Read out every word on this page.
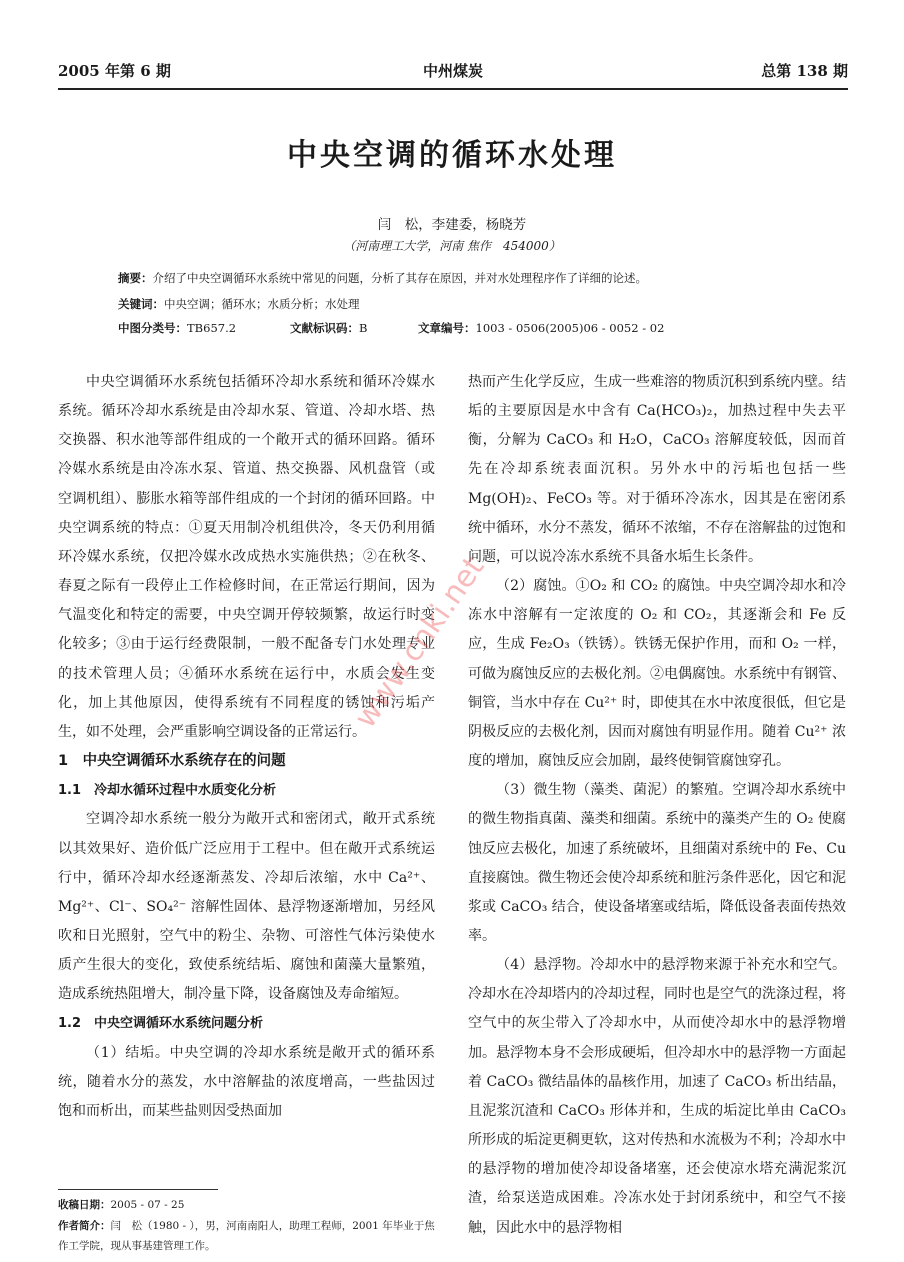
2005 年第 6 期	中州煤炭	总第 138 期
中央空调的循环水处理
闫　松，李建委，杨晓芳
（河南理工大学，河南 焦作　454000）
摘要：介绍了中央空调循环水系统中常见的问题，分析了其存在原因，并对水处理程序作了详细的论述。
关键词：中央空调；循环水；水质分析；水处理
中图分类号：TB657.2	文献标识码：B	文章编号：1003 - 0506(2005)06 - 0052 - 02

中央空调循环水系统包括循环冷却水系统和循环冷媒水系统。循环冷却水系统是由冷却水泵、管道、冷却水塔、热交换器、积水池等部件组成的一个敞开式的循环回路。循环冷媒水系统是由冷冻水泵、管道、热交换器、风机盘管（或空调机组）、膨胀水箱等部件组成的一个封闭的循环回路。中央空调系统的特点：①夏天用制冷机组供冷，冬天仍利用循环冷媒水系统，仅把冷媒水改成热水实施供热；②在秋冬、春夏之际有一段停止工作检修时间，在正常运行期间，因为气温变化和特定的需要，中央空调开停较频繁，故运行时变化较多；③由于运行经费限制，一般不配备专门水处理专业的技术管理人员；④循环水系统在运行中，水质会发生变化，加上其他原因，使得系统有不同程度的锈蚀和污垢产生，如不处理，会严重影响空调设备的正常运行。

1　中央空调循环水系统存在的问题

1.1　冷却水循环过程中水质变化分析

空调冷却水系统一般分为敞开式和密闭式，敞开式系统以其效果好、造价低广泛应用于工程中。但在敞开式系统运行中，循环冷却水经逐渐蒸发、冷却后浓缩，水中 Ca²⁺、Mg²⁺、Cl⁻、SO₄²⁻ 溶解性固体、悬浮物逐渐增加，另经风吹和日光照射，空气中的粉尘、杂物、可溶性气体污染使水质产生很大的变化，致使系统结垢、腐蚀和菌藻大量繁殖，造成系统热阻增大，制冷量下降，设备腐蚀及寿命缩短。

1.2　中央空调循环水系统问题分析

（1）结垢。中央空调的冷却水系统是敞开式的循环系统，随着水分的蒸发，水中溶解盐的浓度增高，一些盐因过饱和而析出，而某些盐则因受热面加

热而产生化学反应，生成一些难溶的物质沉积到系统内壁。结垢的主要原因是水中含有 Ca(HCO₃)₂，加热过程中失去平衡，分解为 CaCO₃ 和 H₂O，CaCO₃ 溶解度较低，因而首先在冷却系统表面沉积。另外水中的污垢也包括一些 Mg(OH)₂、FeCO₃ 等。对于循环冷冻水，因其是在密闭系统中循环，水分不蒸发，循环不浓缩，不存在溶解盐的过饱和问题，可以说冷冻水系统不具备水垢生长条件。

（2）腐蚀。①O₂ 和 CO₂ 的腐蚀。中央空调冷却水和冷冻水中溶解有一定浓度的 O₂ 和 CO₂，其逐渐会和 Fe 反应，生成 Fe₂O₃（铁锈）。铁锈无保护作用，而和 O₂ 一样，可做为腐蚀反应的去极化剂。②电偶腐蚀。水系统中有钢管、铜管，当水中存在 Cu²⁺ 时，即使其在水中浓度很低，但它是阴极反应的去极化剂，因而对腐蚀有明显作用。随着 Cu²⁺ 浓度的增加，腐蚀反应会加剧，最终使铜管腐蚀穿孔。

（3）微生物（藻类、菌泥）的繁殖。空调冷却水系统中的微生物指真菌、藻类和细菌。系统中的藻类产生的 O₂ 使腐蚀反应去极化，加速了系统破坏，且细菌对系统中的 Fe、Cu 直接腐蚀。微生物还会使冷却系统和脏污条件恶化，因它和泥浆或 CaCO₃ 结合，使设备堵塞或结垢，降低设备表面传热效率。

（4）悬浮物。冷却水中的悬浮物来源于补充水和空气。冷却水在冷却塔内的冷却过程，同时也是空气的洗涤过程，将空气中的灰尘带入了冷却水中，从而使冷却水中的悬浮物增加。悬浮物本身不会形成硬垢，但冷却水中的悬浮物一方面起着 CaCO₃ 微结晶体的晶核作用，加速了 CaCO₃ 析出结晶，且泥浆沉渣和 CaCO₃ 形体并和，生成的垢淀比单由 CaCO₃ 所形成的垢淀更稠更软，这对传热和水流极为不利；冷却水中的悬浮物的增加使冷却设备堵塞，还会使凉水塔充满泥浆沉渣，给泵送造成困难。冷冻水处于封闭系统中，和空气不接触，因此水中的悬浮物相

收稿日期：2005 - 07 - 25
作者简介：闫　松（1980 - ），男，河南南阳人，助理工程师，2001 年毕业于焦作工学院，现从事基建管理工作。
www.cnki.net
